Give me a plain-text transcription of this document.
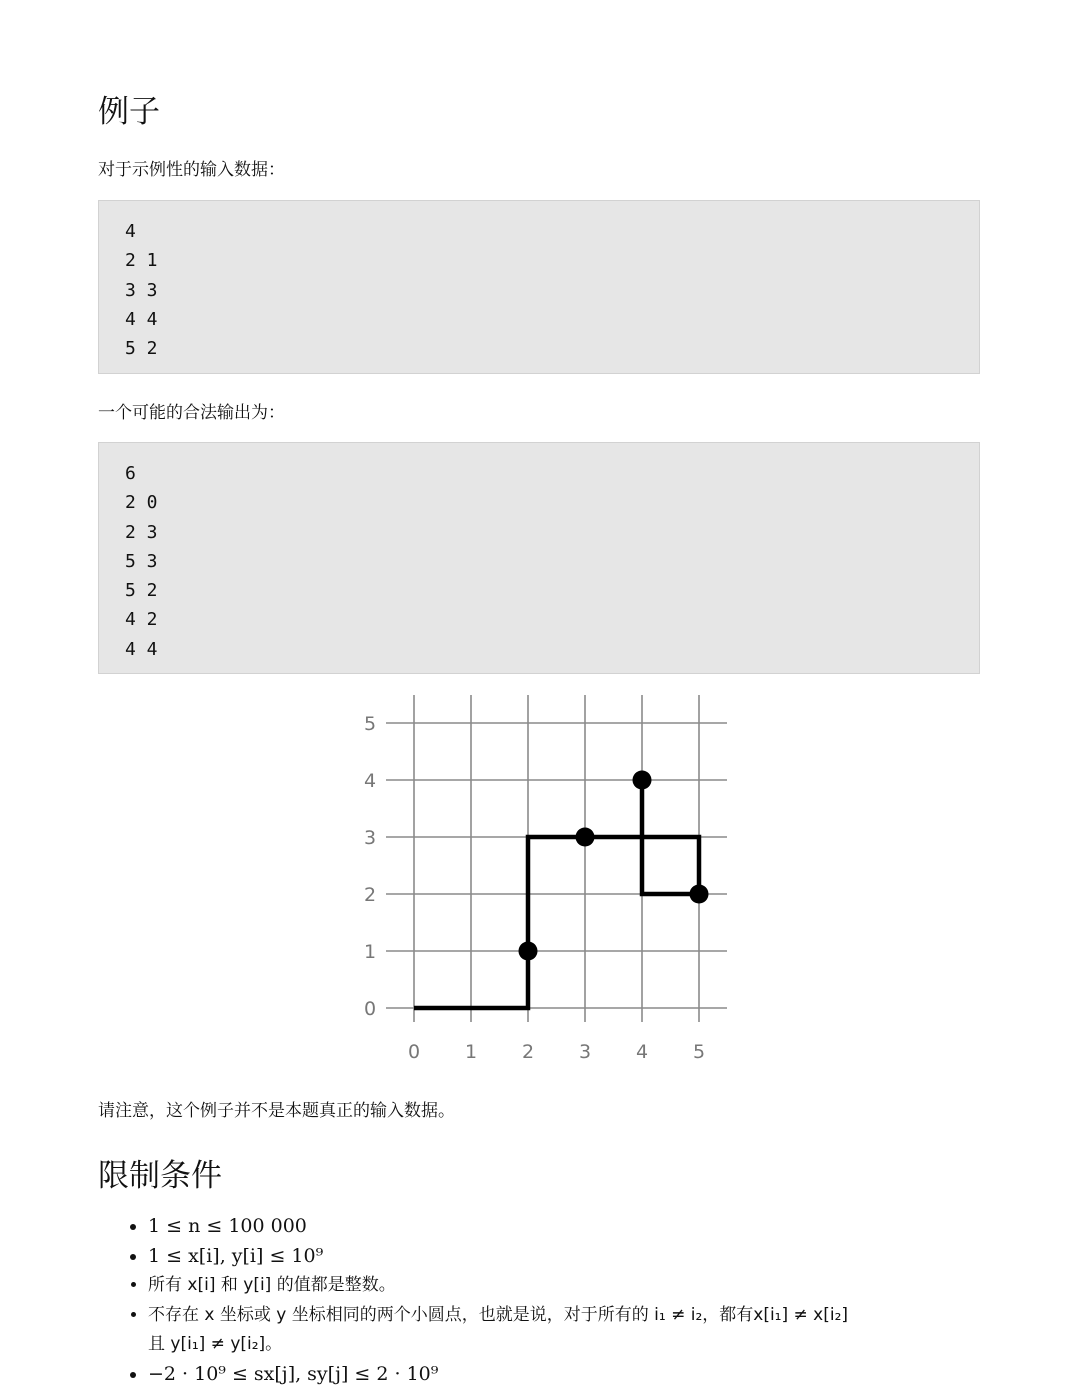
例子

对于示例性的输入数据：

4
2 1
3 3
4 4
5 2

一个可能的合法输出为：

6
2 0
2 3
5 3
5 2
4 2
4 4
0 1 2 3 4 5
0
1
2
3
4
5

请注意，这个例子并不是本题真正的输入数据。

限制条件
• 1 ≤ n ≤ 100 000
• 1 ≤ x[i], y[i] ≤ 10⁹
• 所有 x[i] 和 y[i] 的值都是整数。
• 不存在 x 坐标或 y 坐标相同的两个小圆点，也就是说，对于所有的 i₁ ≠ i₂，都有x[i₁] ≠ x[i₂]
且 y[i₁] ≠ y[i₂]。
• −2 · 10⁹ ≤ sx[j], sy[j] ≤ 2 · 10⁹
